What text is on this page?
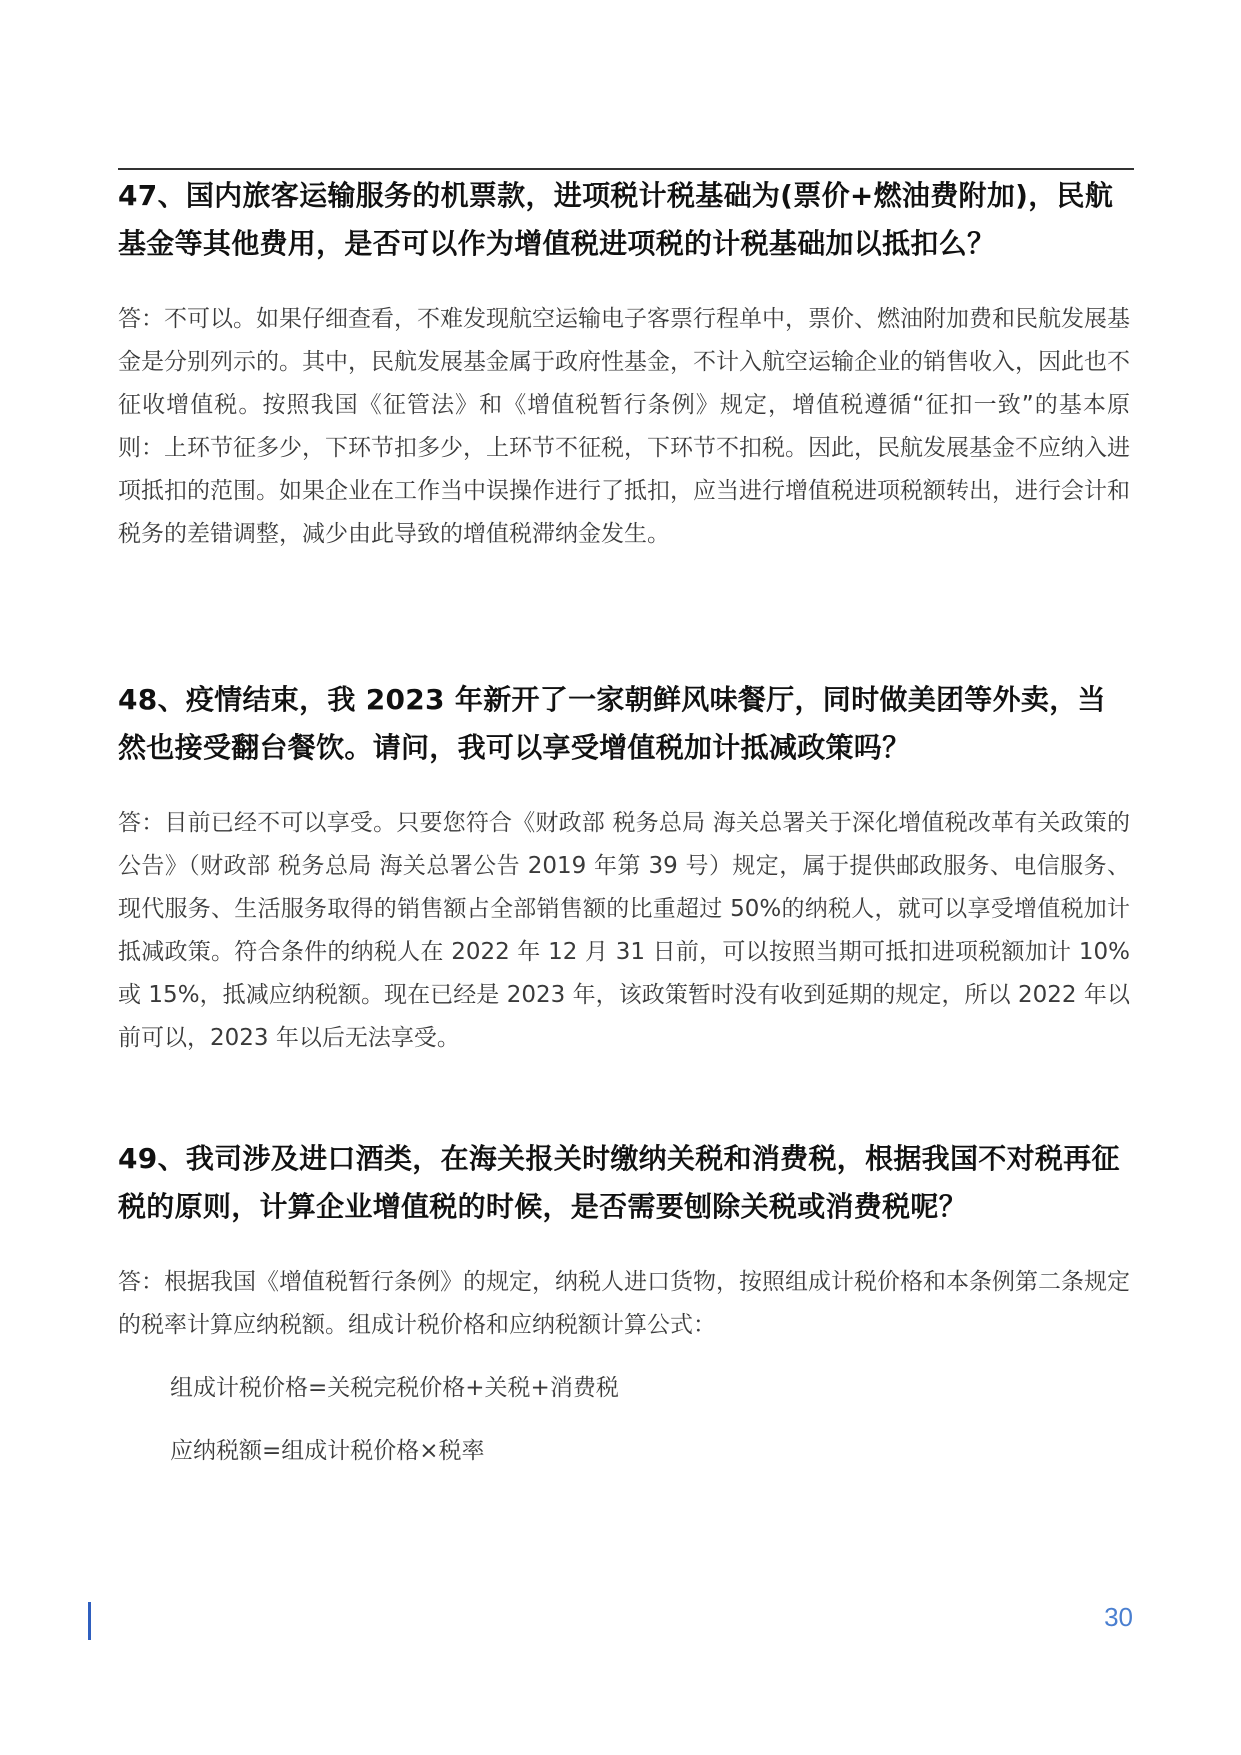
47、国内旅客运输服务的机票款，进项税计税基础为(票价+燃油费附加)，民航基金等其他费用，是否可以作为增值税进项税的计税基础加以抵扣么？

答：不可以。如果仔细查看，不难发现航空运输电子客票行程单中，票价、燃油附加费和民航发展基金是分别列示的。其中，民航发展基金属于政府性基金，不计入航空运输企业的销售收入，因此也不征收增值税。按照我国《征管法》和《增值税暂行条例》规定，增值税遵循“征扣一致”的基本原则：上环节征多少，下环节扣多少，上环节不征税，下环节不扣税。因此，民航发展基金不应纳入进项抵扣的范围。如果企业在工作当中误操作进行了抵扣，应当进行增值税进项税额转出，进行会计和税务的差错调整，减少由此导致的增值税滞纳金发生。

48、疫情结束，我 2023 年新开了一家朝鲜风味餐厅，同时做美团等外卖，当然也接受翻台餐饮。请问，我可以享受增值税加计抵减政策吗？

答：目前已经不可以享受。只要您符合《财政部 税务总局 海关总署关于深化增值税改革有关政策的公告》（财政部 税务总局 海关总署公告 2019 年第 39 号）规定，属于提供邮政服务、电信服务、现代服务、生活服务取得的销售额占全部销售额的比重超过 50%的纳税人，就可以享受增值税加计抵减政策。符合条件的纳税人在 2022 年 12 月 31 日前，可以按照当期可抵扣进项税额加计 10%或 15%，抵减应纳税额。现在已经是 2023 年，该政策暂时没有收到延期的规定，所以 2022 年以前可以，2023 年以后无法享受。

49、我司涉及进口酒类，在海关报关时缴纳关税和消费税，根据我国不对税再征税的原则，计算企业增值税的时候，是否需要刨除关税或消费税呢？

答：根据我国《增值税暂行条例》的规定，纳税人进口货物，按照组成计税价格和本条例第二条规定的税率计算应纳税额。组成计税价格和应纳税额计算公式：

组成计税价格=关税完税价格+关税+消费税

应纳税额=组成计税价格×税率

30
